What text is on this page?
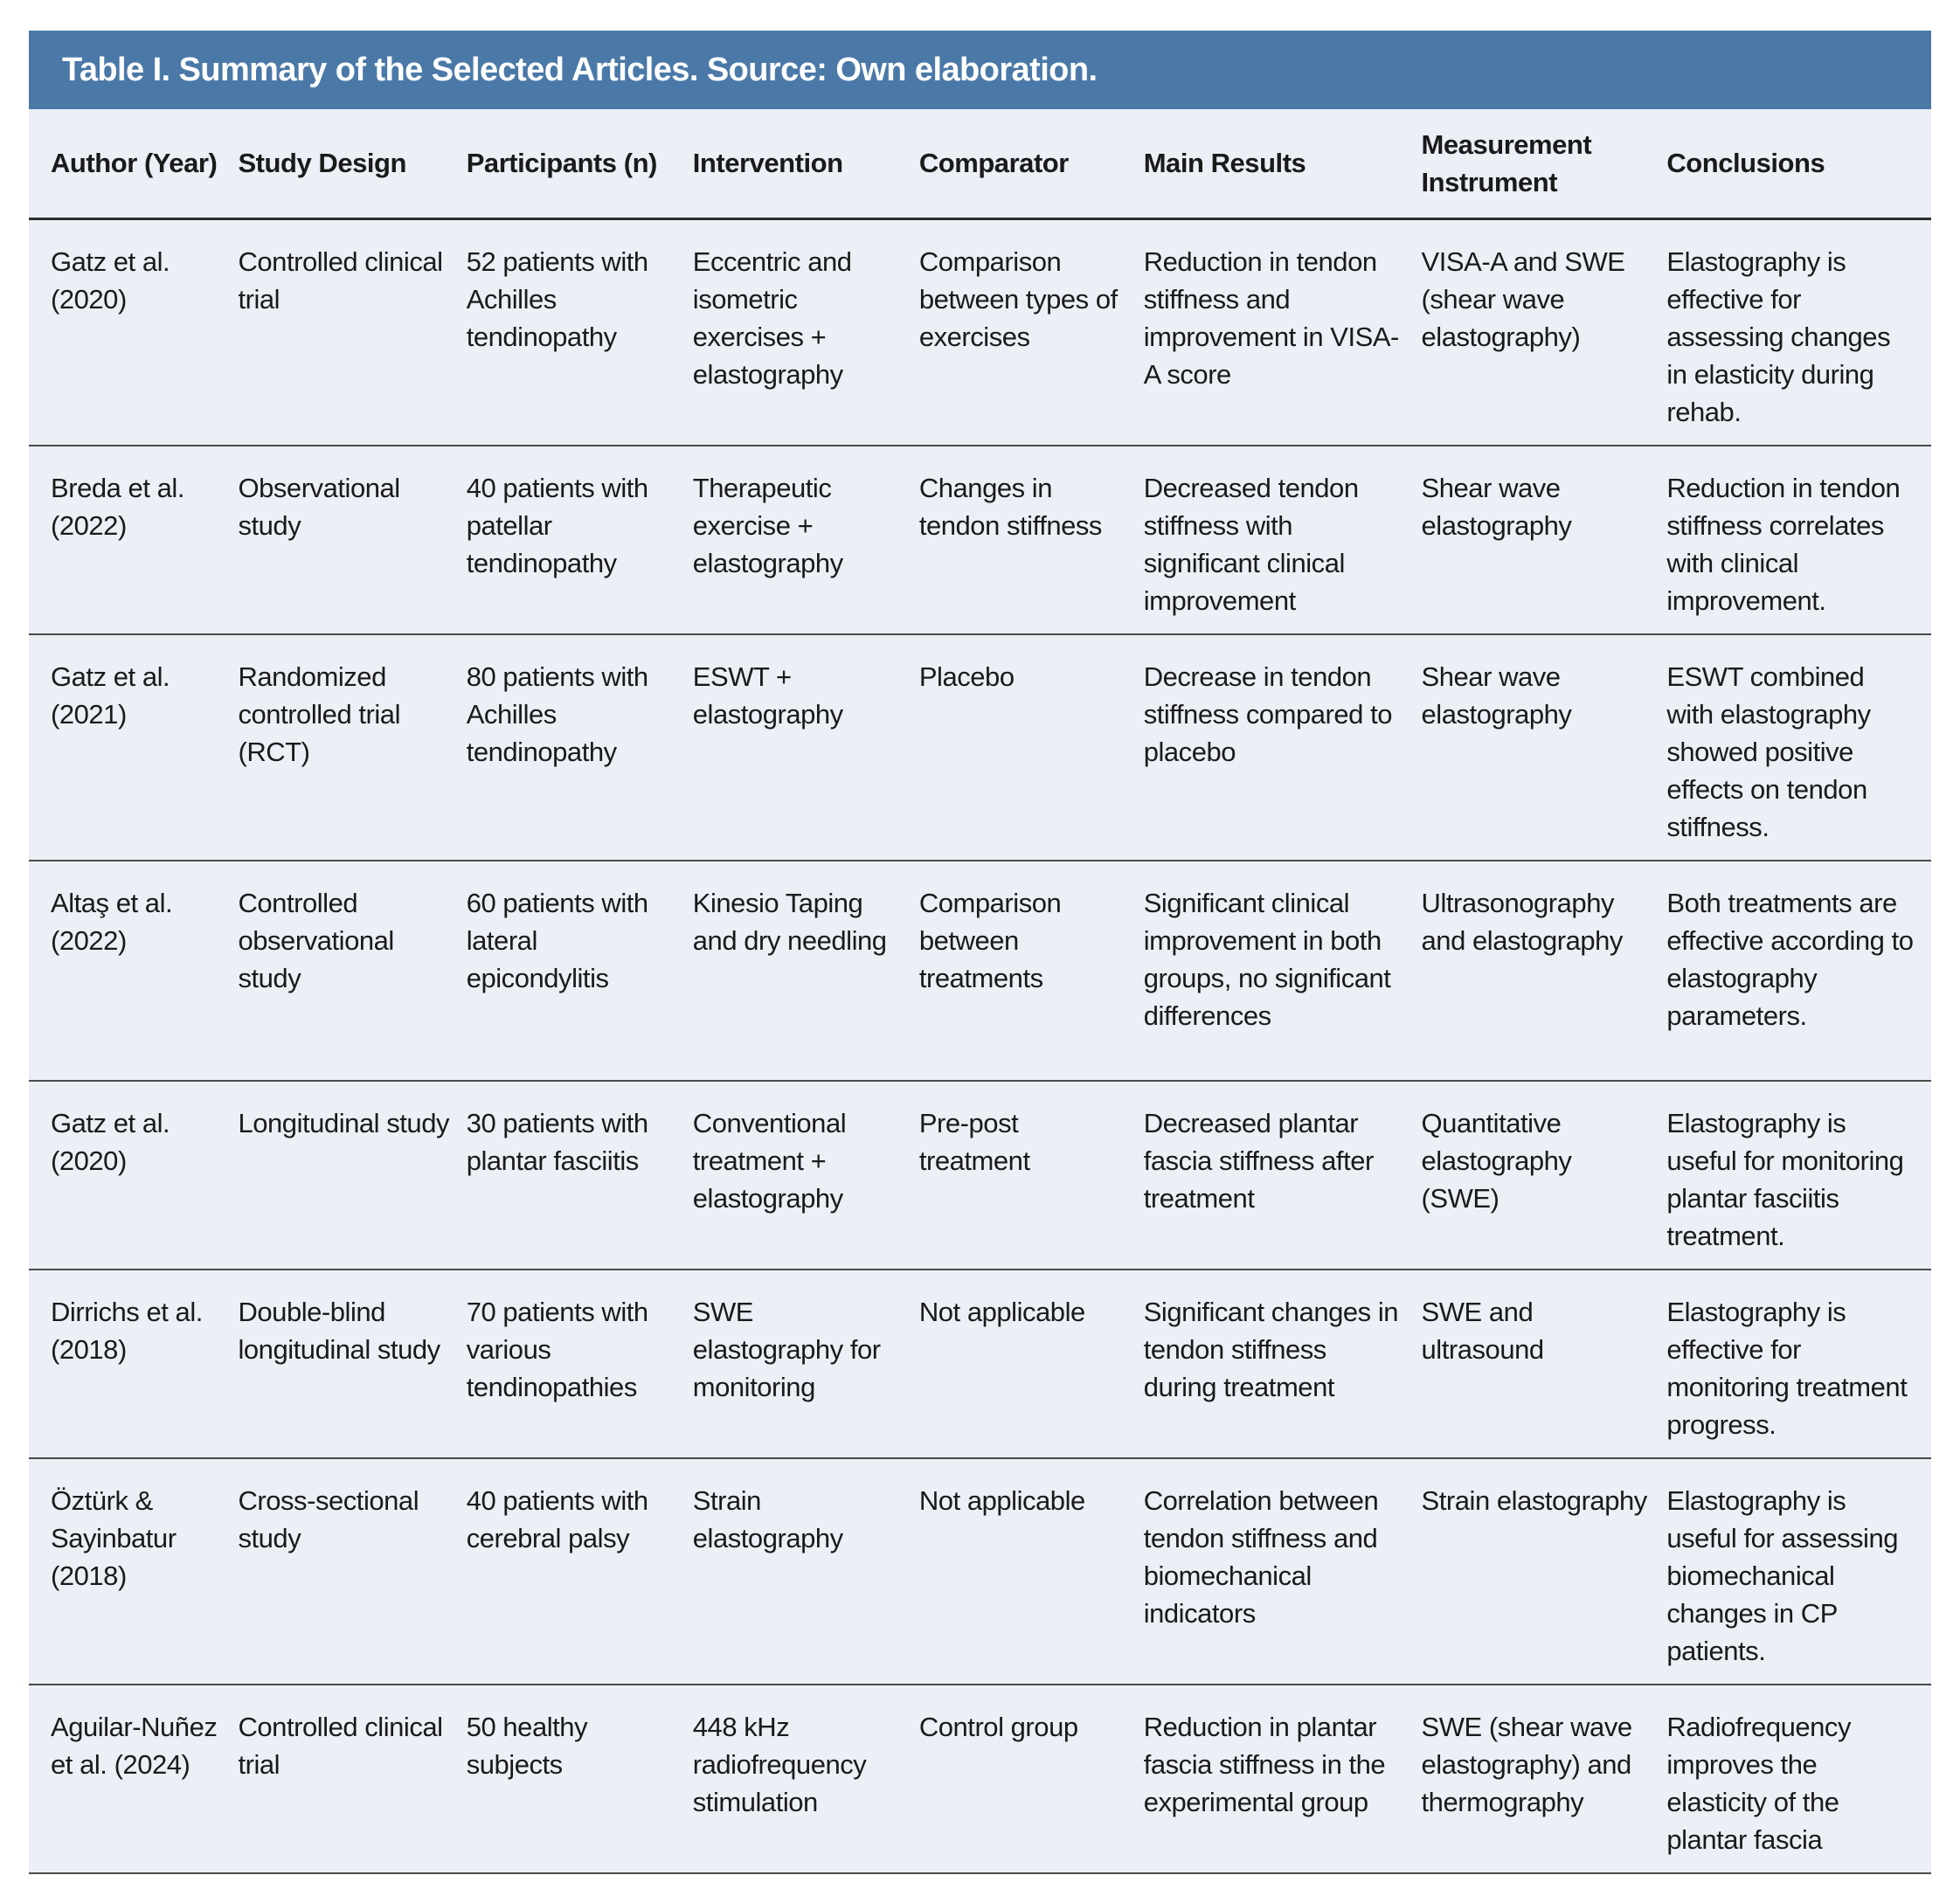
Table I. Summary of the Selected Articles. Source: Own elaboration.
Author (Year)	Study Design	Participants (n)	Intervention	Comparator	Main Results	Measurement Instrument	Conclusions
Gatz et al. (2020)	Controlled clinical trial	52 patients with Achilles tendinopathy	Eccentric and isometric exercises + elastography	Comparison between types of exercises	Reduction in tendon stiffness and improvement in VISA-A score	VISA-A and SWE (shear wave elastography)	Elastography is effective for assessing changes in elasticity during rehab.
Breda et al. (2022)	Observational study	40 patients with patellar tendinopathy	Therapeutic exercise + elastography	Changes in tendon stiffness	Decreased tendon stiffness with significant clinical improvement	Shear wave elastography	Reduction in tendon stiffness correlates with clinical improvement.
Gatz et al. (2021)	Randomized controlled trial (RCT)	80 patients with Achilles tendinopathy	ESWT + elastography	Placebo	Decrease in tendon stiffness compared to placebo	Shear wave elastography	ESWT combined with elastography showed positive effects on tendon stiffness.
Altaş et al. (2022)	Controlled observational study	60 patients with lateral epicondylitis	Kinesio Taping and dry needling	Comparison between treatments	Significant clinical improvement in both groups, no significant differences	Ultrasonography and elastography	Both treatments are effective according to elastography parameters.
Gatz et al. (2020)	Longitudinal study	30 patients with plantar fasciitis	Conventional treatment + elastography	Pre-post treatment	Decreased plantar fascia stiffness after treatment	Quantitative elastography (SWE)	Elastography is useful for monitoring plantar fasciitis treatment.
Dirrichs et al. (2018)	Double-blind longitudinal study	70 patients with various tendinopathies	SWE elastography for monitoring	Not applicable	Significant changes in tendon stiffness during treatment	SWE and ultrasound	Elastography is effective for monitoring treatment progress.
Öztürk & Sayinbatur (2018)	Cross-sectional study	40 patients with cerebral palsy	Strain elastography	Not applicable	Correlation between tendon stiffness and biomechanical indicators	Strain elastography	Elastography is useful for assessing biomechanical changes in CP patients.
Aguilar-Nuñez et al. (2024)	Controlled clinical trial	50 healthy subjects	448 kHz radiofrequency stimulation	Control group	Reduction in plantar fascia stiffness in the experimental group	SWE (shear wave elastography) and thermography	Radiofrequency improves the elasticity of the plantar fascia
